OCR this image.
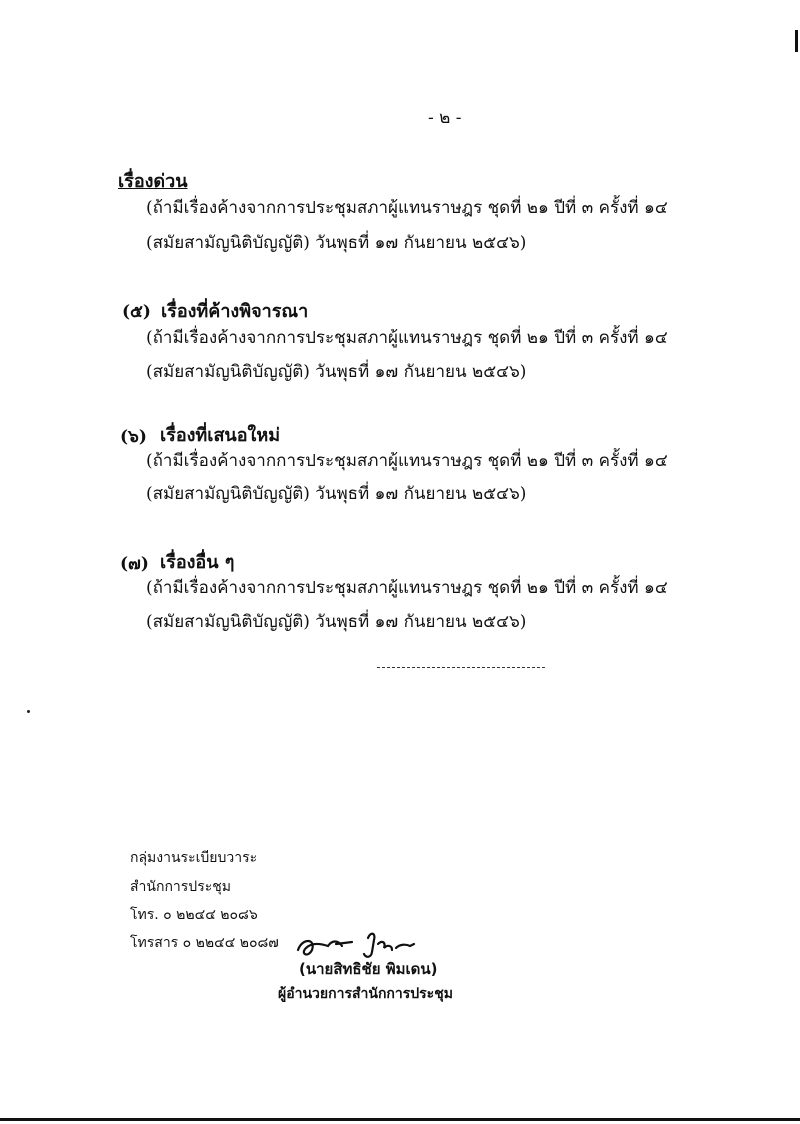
- ๒ -
เรื่องด่วน
(ถ้ามีเรื่องค้างจากการประชุมสภาผู้แทนราษฎร ชุดที่ ๒๑ ปีที่ ๓ ครั้งที่ ๑๔
(สมัยสามัญนิติบัญญัติ) วันพุธที่ ๑๗ กันยายน ๒๕๔๖)
(๕) เรื่องที่ค้างพิจารณา
(ถ้ามีเรื่องค้างจากการประชุมสภาผู้แทนราษฎร ชุดที่ ๒๑ ปีที่ ๓ ครั้งที่ ๑๔
(สมัยสามัญนิติบัญญัติ) วันพุธที่ ๑๗ กันยายน ๒๕๔๖)
(๖) เรื่องที่เสนอใหม่
(ถ้ามีเรื่องค้างจากการประชุมสภาผู้แทนราษฎร ชุดที่ ๒๑ ปีที่ ๓ ครั้งที่ ๑๔
(สมัยสามัญนิติบัญญัติ) วันพุธที่ ๑๗ กันยายน ๒๕๔๖)
(๗) เรื่องอื่น ๆ
(ถ้ามีเรื่องค้างจากการประชุมสภาผู้แทนราษฎร ชุดที่ ๒๑ ปีที่ ๓ ครั้งที่ ๑๔
(สมัยสามัญนิติบัญญัติ) วันพุธที่ ๑๗ กันยายน ๒๕๔๖)
กลุ่มงานระเบียบวาระ
สำนักการประชุม
โทร. ๐ ๒๒๔๔ ๒๐๘๖
โทรสาร ๐ ๒๒๔๔ ๒๐๘๗
(นายสิทธิชัย พิมเดน)
ผู้อำนวยการสำนักการประชุม
